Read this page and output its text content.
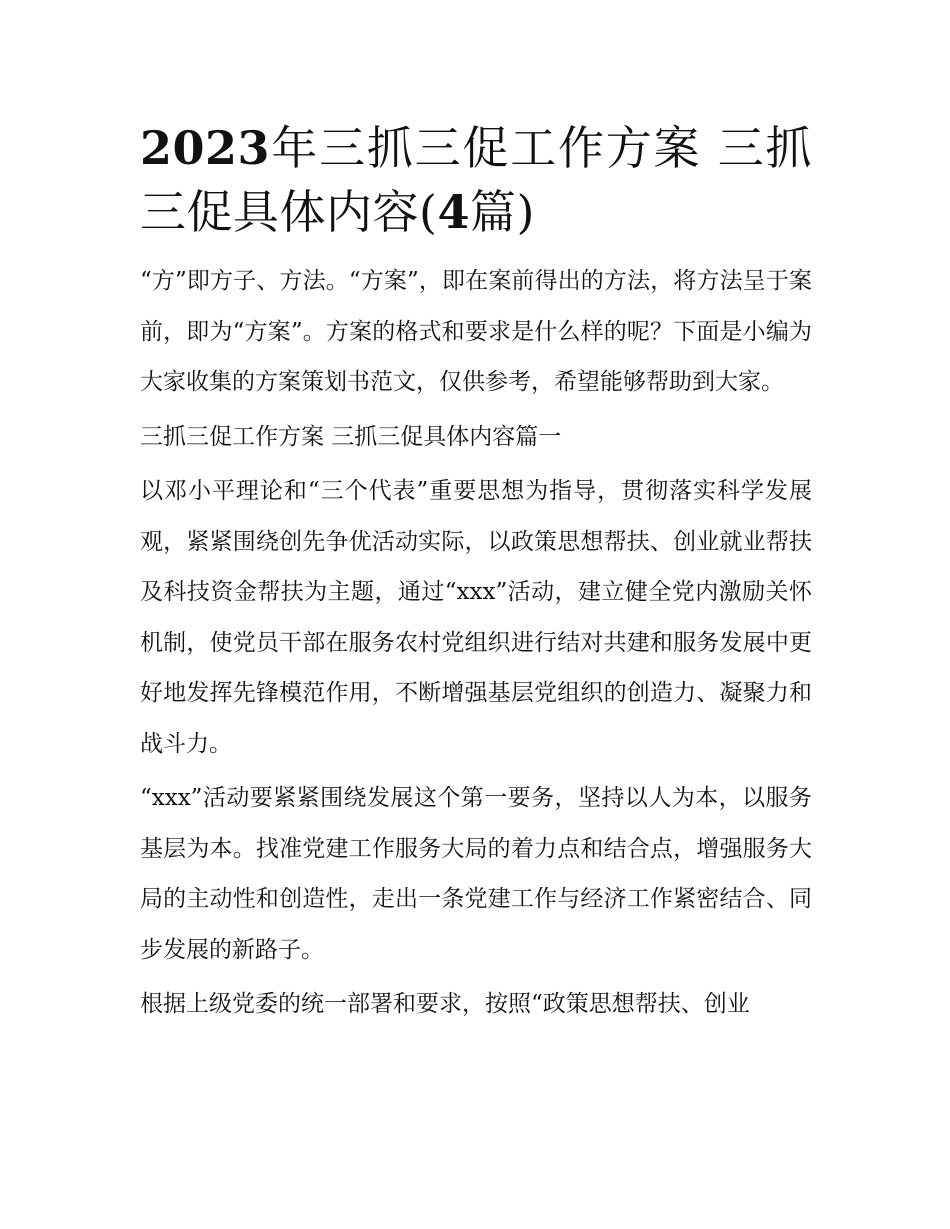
2023年三抓三促工作方案 三抓三促具体内容(4篇)

“方”即方子、方法。“方案”，即在案前得出的方法，将方法呈于案前，即为“方案”。方案的格式和要求是什么样的呢？下面是小编为大家收集的方案策划书范文，仅供参考，希望能够帮助到大家。

三抓三促工作方案 三抓三促具体内容篇一

以邓小平理论和“三个代表”重要思想为指导，贯彻落实科学发展观，紧紧围绕创先争优活动实际，以政策思想帮扶、创业就业帮扶及科技资金帮扶为主题，通过“xxx”活动，建立健全党内激励关怀机制，使党员干部在服务农村党组织进行结对共建和服务发展中更好地发挥先锋模范作用，不断增强基层党组织的创造力、凝聚力和战斗力。

“xxx”活动要紧紧围绕发展这个第一要务，坚持以人为本，以服务基层为本。找准党建工作服务大局的着力点和结合点，增强服务大局的主动性和创造性，走出一条党建工作与经济工作紧密结合、同步发展的新路子。

根据上级党委的统一部署和要求，按照“政策思想帮扶、创业
